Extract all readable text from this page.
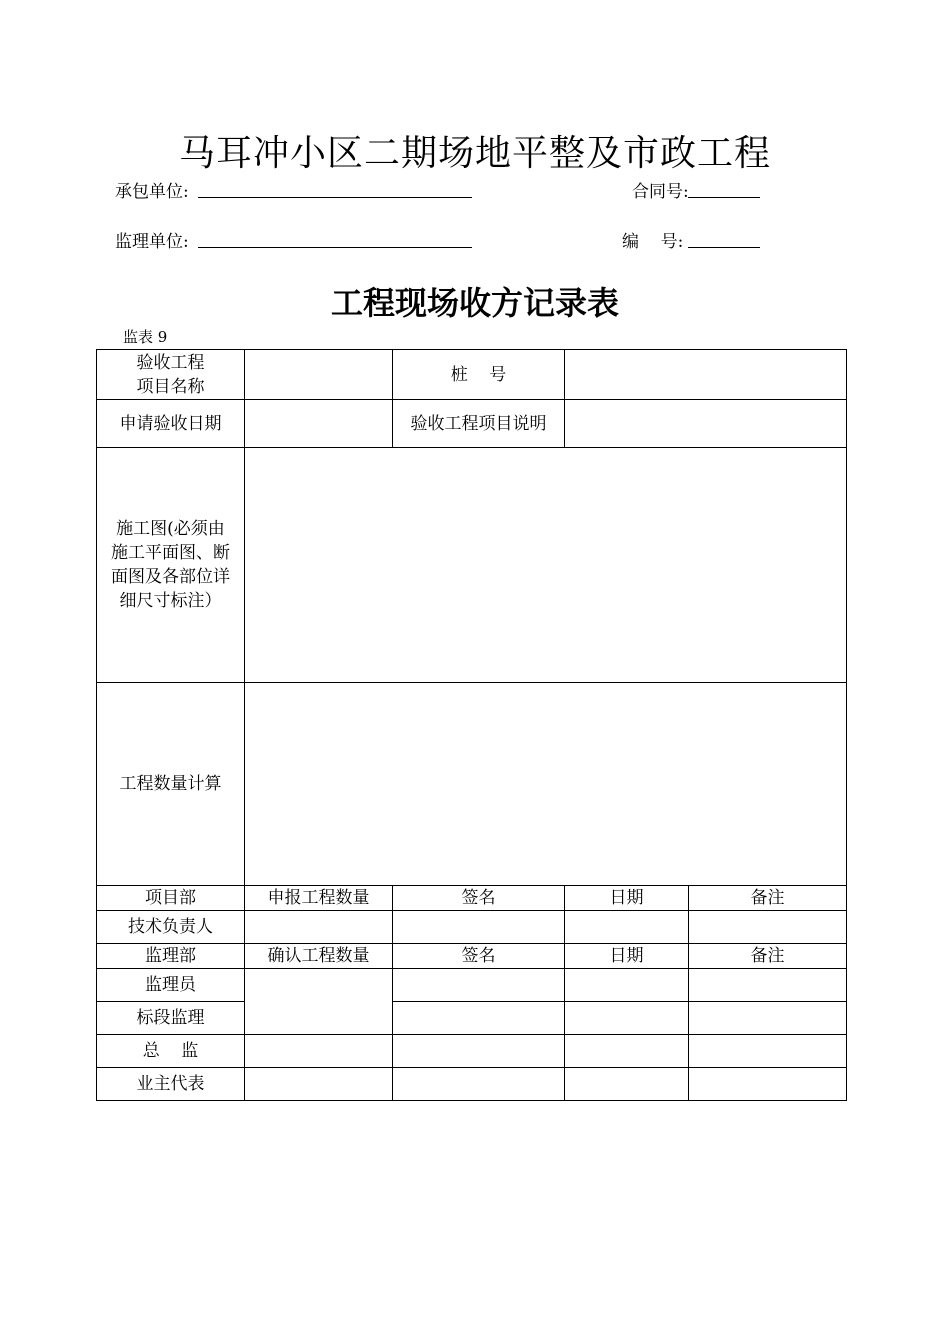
马耳冲小区二期场地平整及市政工程
承包单位:	合同号:
监理单位:	编    号:
工程现场收方记录表
监表 9
验收工程
项目名称		桩    号		
申请验收日期		验收工程项目说明		
施工图(必须由施工平面图、断面图及各部位详细尺寸标注）				
工程数量计算				
项目部	申报工程数量	签名	日期	备注
技术负责人				
监理部	确认工程数量	签名	日期	备注
监理员				
标段监理				
总    监				
业主代表				
